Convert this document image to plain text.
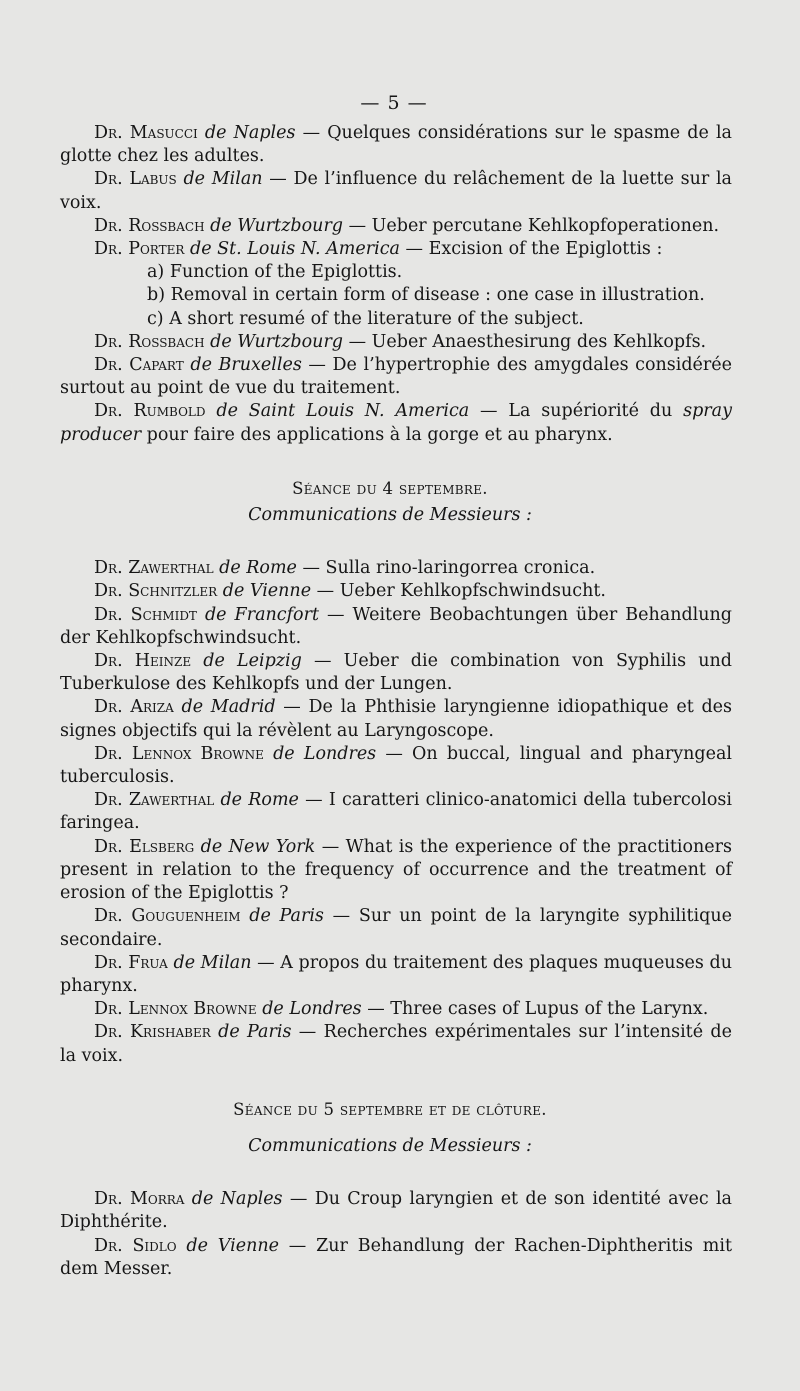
— 5 —

Dr. Masucci de Naples — Quelques considérations sur le spasme de la glotte chez les adultes.

Dr. Labus de Milan — De l’influence du relâchement de la luette sur la voix.

Dr. Rossbach de Wurtzbourg — Ueber percutane Kehlkopfoperationen.

Dr. Porter de St. Louis N. America — Excision of the Epiglottis :

a) Function of the Epiglottis.

b) Removal in certain form of disease : one case in illustration.

c) A short resumé of the literature of the subject.

Dr. Rossbach de Wurtzbourg — Ueber Anaesthesirung des Kehlkopfs.

Dr. Capart de Bruxelles — De l’hypertrophie des amygdales considérée surtout au point de vue du traitement.

Dr. Rumbold de Saint Louis N. America — La supériorité du spray producer pour faire des applications à la gorge et au pharynx.

Séance du 4 septembre.

Communications de Messieurs :

Dr. Zawerthal de Rome — Sulla rino-laringorrea cronica.

Dr. Schnitzler de Vienne — Ueber Kehlkopfschwindsucht.

Dr. Schmidt de Francfort — Weitere Beobachtungen über Behandlung der Kehlkopfschwindsucht.

Dr. Heinze de Leipzig — Ueber die combination von Syphilis und Tuberkulose des Kehlkopfs und der Lungen.

Dr. Ariza de Madrid — De la Phthisie laryngienne idiopathique et des signes objectifs qui la révèlent au Laryngoscope.

Dr. Lennox Browne de Londres — On buccal, lingual and pharyngeal tuberculosis.

Dr. Zawerthal de Rome — I caratteri clinico-anatomici della tubercolosi faringea.

Dr. Elsberg de New York — What is the experience of the practitioners present in relation to the frequency of occurrence and the treatment of erosion of the Epiglottis ?

Dr. Gouguenheim de Paris — Sur un point de la laryngite syphilitique secondaire.

Dr. Frua de Milan — A propos du traitement des plaques muqueuses du pharynx.

Dr. Lennox Browne de Londres — Three cases of Lupus of the Larynx.

Dr. Krishaber de Paris — Recherches expérimentales sur l’intensité de la voix.

Séance du 5 septembre et de clôture.

Communications de Messieurs :

Dr. Morra de Naples — Du Croup laryngien et de son identité avec la Diphthérite.

Dr. Sidlo de Vienne — Zur Behandlung der Rachen-Diphtheritis mit dem Messer.
